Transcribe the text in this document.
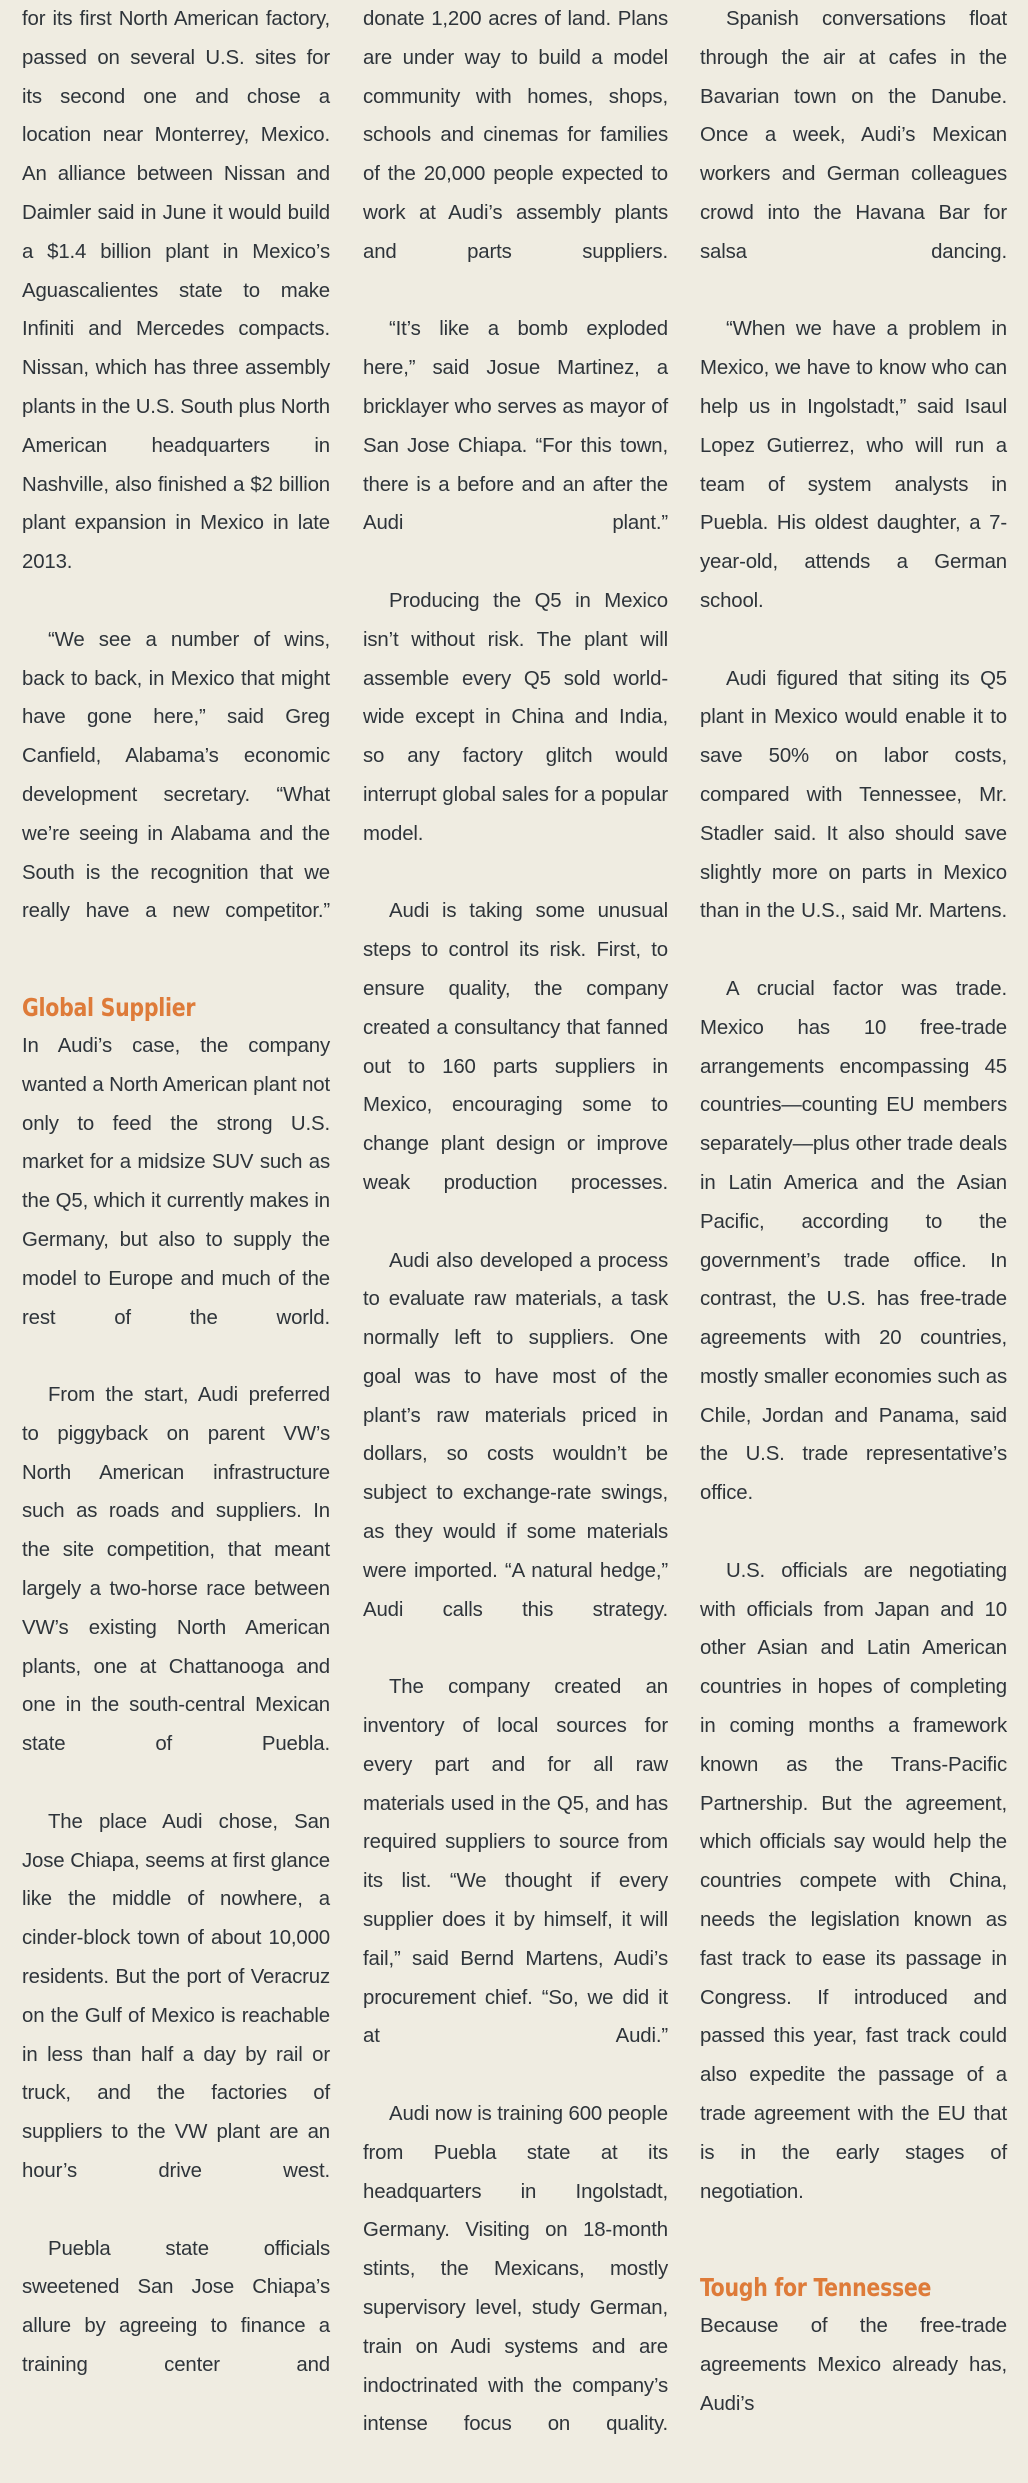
for its first North American factory, passed on several U.S. sites for its second one and chose a location near Monterrey, Mexico. An alliance between Nissan and Daimler said in June it would build a $1.4 billion plant in Mexico’s Aguascalientes state to make Infiniti and Mercedes compacts. Nissan, which has three assembly plants in the U.S. South plus North American headquarters in Nashville, also finished a $2 billion plant expansion in Mexico in late 2013.

“We see a number of wins, back to back, in Mexico that might have gone here,” said Greg Canfield, Alabama’s economic development secretary. “What we’re seeing in Alabama and the South is the recognition that we really have a new competitor.”

Global Supplier

In Audi’s case, the company wanted a North American plant not only to feed the strong U.S. market for a midsize SUV such as the Q5, which it currently makes in Germany, but also to supply the model to Europe and much of the rest of the world.

From the start, Audi preferred to piggyback on parent VW’s North American infrastructure such as roads and suppliers. In the site competition, that meant largely a two-horse race between VW’s existing North American plants, one at Chattanooga and one in the south-central Mexican state of Puebla.

The place Audi chose, San Jose Chiapa, seems at first glance like the middle of nowhere, a cinder-block town of about 10,000 residents. But the port of Veracruz on the Gulf of Mexico is reachable in less than half a day by rail or truck, and the factories of suppliers to the VW plant are an hour’s drive west.

Puebla state officials sweetened San Jose Chiapa’s allure by agreeing to finance a training center and

donate 1,200 acres of land. Plans are under way to build a model community with homes, shops, schools and cinemas for families of the 20,000 people expected to work at Audi’s assembly plants and parts suppliers.

“It’s like a bomb exploded here,” said Josue Martinez, a bricklayer who serves as mayor of San Jose Chiapa. “For this town, there is a before and an after the Audi plant.”

Producing the Q5 in Mexico isn’t without risk. The plant will assemble every Q5 sold world-wide except in China and India, so any factory glitch would interrupt global sales for a popular model.

Audi is taking some unusual steps to control its risk. First, to ensure quality, the company created a consultancy that fanned out to 160 parts suppliers in Mexico, encouraging some to change plant design or improve weak production processes.

Audi also developed a process to evaluate raw materials, a task normally left to suppliers. One goal was to have most of the plant’s raw materials priced in dollars, so costs wouldn’t be subject to exchange-rate swings, as they would if some materials were imported. “A natural hedge,” Audi calls this strategy.

The company created an inventory of local sources for every part and for all raw materials used in the Q5, and has required suppliers to source from its list. “We thought if every supplier does it by himself, it will fail,” said Bernd Martens, Audi’s procurement chief. “So, we did it at Audi.”

Audi now is training 600 people from Puebla state at its headquarters in Ingolstadt, Germany. Visiting on 18-month stints, the Mexicans, mostly supervisory level, study German, train on Audi systems and are indoctrinated with the company’s intense focus on quality.

Spanish conversations float through the air at cafes in the Bavarian town on the Danube. Once a week, Audi’s Mexican workers and German colleagues crowd into the Havana Bar for salsa dancing.

“When we have a problem in Mexico, we have to know who can help us in Ingolstadt,” said Isaul Lopez Gutierrez, who will run a team of system analysts in Puebla. His oldest daughter, a 7-year-old, attends a German school.

Audi figured that siting its Q5 plant in Mexico would enable it to save 50% on labor costs, compared with Tennessee, Mr. Stadler said. It also should save slightly more on parts in Mexico than in the U.S., said Mr. Martens.

A crucial factor was trade. Mexico has 10 free-trade arrangements encompassing 45 countries—counting EU members separately—plus other trade deals in Latin America and the Asian Pacific, according to the government’s trade office. In contrast, the U.S. has free-trade agreements with 20 countries, mostly smaller economies such as Chile, Jordan and Panama, said the U.S. trade representative’s office.

U.S. officials are negotiating with officials from Japan and 10 other Asian and Latin American countries in hopes of completing in coming months a framework known as the Trans-Pacific Partnership. But the agreement, which officials say would help the countries compete with China, needs the legislation known as fast track to ease its passage in Congress. If introduced and passed this year, fast track could also expedite the passage of a trade agreement with the EU that is in the early stages of negotiation.

Tough for Tennessee

Because of the free-trade agreements Mexico already has, Audi’s
